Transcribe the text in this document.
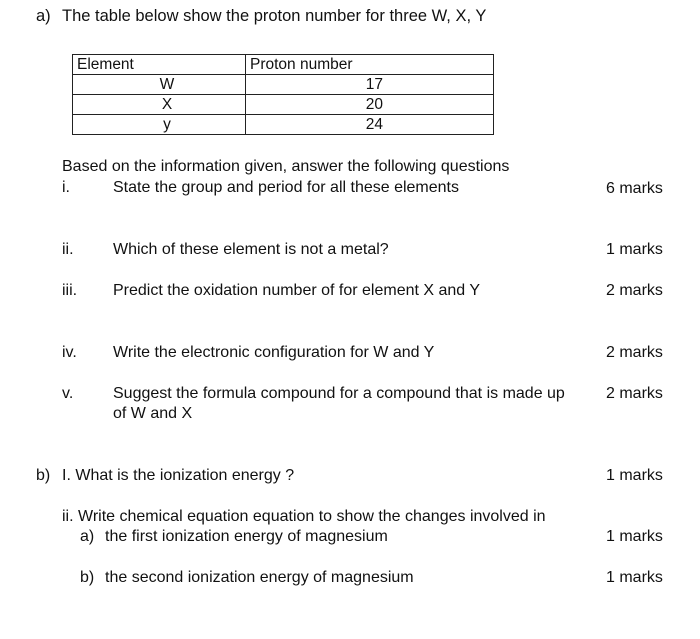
a) The table below show the proton number for three W, X, Y
Element	Proton number
W	17
X	20
y	24
Based on the information given, answer the following questions
i.	State the group and period for all these elements	6 marks
ii. Which of these element is not a metal?	1 marks
iii. Predict the oxidation number of for element X and Y	2 marks
iv. Write the electronic configuration for W and Y	2 marks
v. Suggest the formula compound for a compound that is made up
of W and X
2 marks
b) I. What is the ionization energy ?	1 marks
ii. Write chemical equation equation to show the changes involved in
a) the first ionization energy of magnesium	1 marks
b) the second ionization energy of magnesium	1 marks
